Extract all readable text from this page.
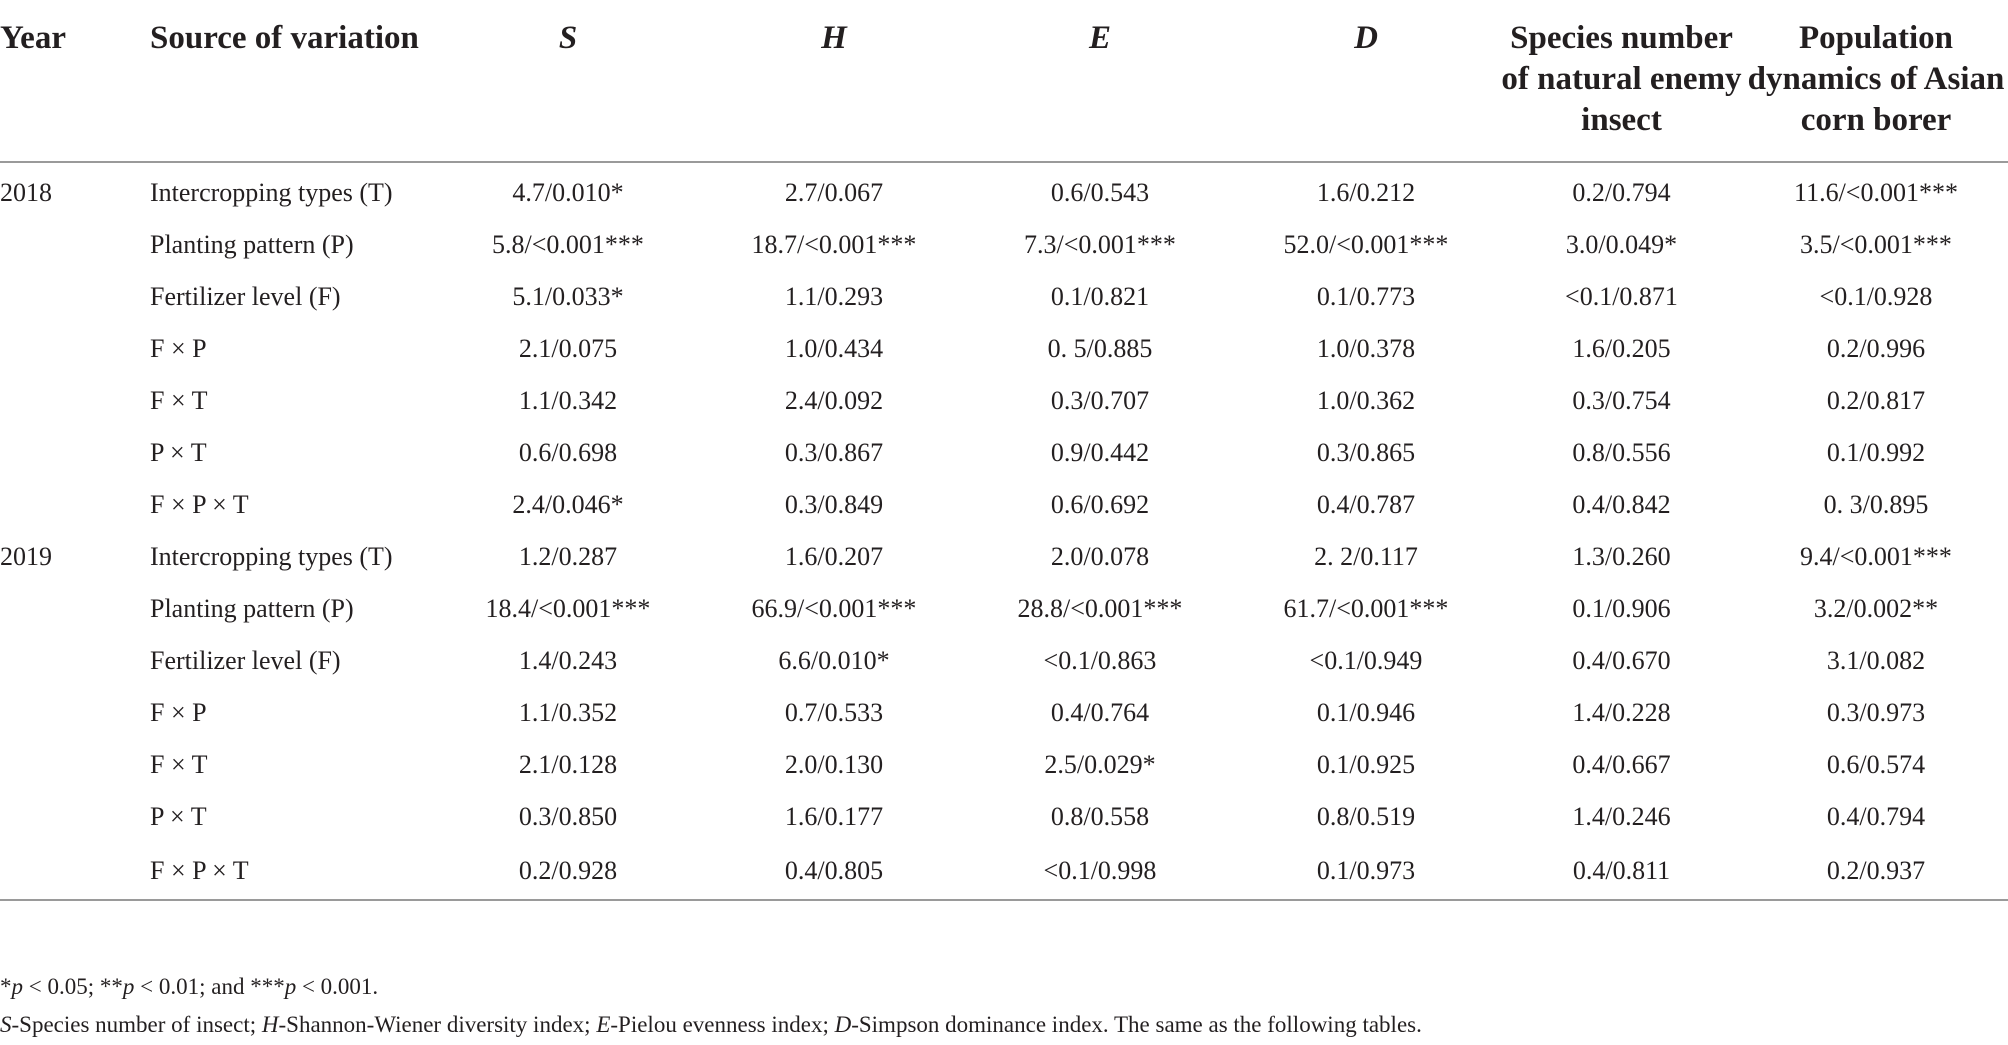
Year	Source of variation	S	H	E	D	Species number of natural enemy insect	Population dynamics of Asian corn borer
2018	Intercropping types (T)	4.7/0.010*	2.7/0.067	0.6/0.543	1.6/0.212	0.2/0.794	11.6/<0.001***
	Planting pattern (P)	5.8/<0.001***	18.7/<0.001***	7.3/<0.001***	52.0/<0.001***	3.0/0.049*	3.5/<0.001***
	Fertilizer level (F)	5.1/0.033*	1.1/0.293	0.1/0.821	0.1/0.773	<0.1/0.871	<0.1/0.928
	F × P	2.1/0.075	1.0/0.434	0. 5/0.885	1.0/0.378	1.6/0.205	0.2/0.996
	F × T	1.1/0.342	2.4/0.092	0.3/0.707	1.0/0.362	0.3/0.754	0.2/0.817
	P × T	0.6/0.698	0.3/0.867	0.9/0.442	0.3/0.865	0.8/0.556	0.1/0.992
	F × P × T	2.4/0.046*	0.3/0.849	0.6/0.692	0.4/0.787	0.4/0.842	0. 3/0.895
2019	Intercropping types (T)	1.2/0.287	1.6/0.207	2.0/0.078	2. 2/0.117	1.3/0.260	9.4/<0.001***
	Planting pattern (P)	18.4/<0.001***	66.9/<0.001***	28.8/<0.001***	61.7/<0.001***	0.1/0.906	3.2/0.002**
	Fertilizer level (F)	1.4/0.243	6.6/0.010*	<0.1/0.863	<0.1/0.949	0.4/0.670	3.1/0.082
	F × P	1.1/0.352	0.7/0.533	0.4/0.764	0.1/0.946	1.4/0.228	0.3/0.973
	F × T	2.1/0.128	2.0/0.130	2.5/0.029*	0.1/0.925	0.4/0.667	0.6/0.574
	P × T	0.3/0.850	1.6/0.177	0.8/0.558	0.8/0.519	1.4/0.246	0.4/0.794
	F × P × T	0.2/0.928	0.4/0.805	<0.1/0.998	0.1/0.973	0.4/0.811	0.2/0.937
*p < 0.05; **p < 0.01; and ***p < 0.001.
S-Species number of insect; H-Shannon-Wiener diversity index; E-Pielou evenness index; D-Simpson dominance index. The same as the following tables.
